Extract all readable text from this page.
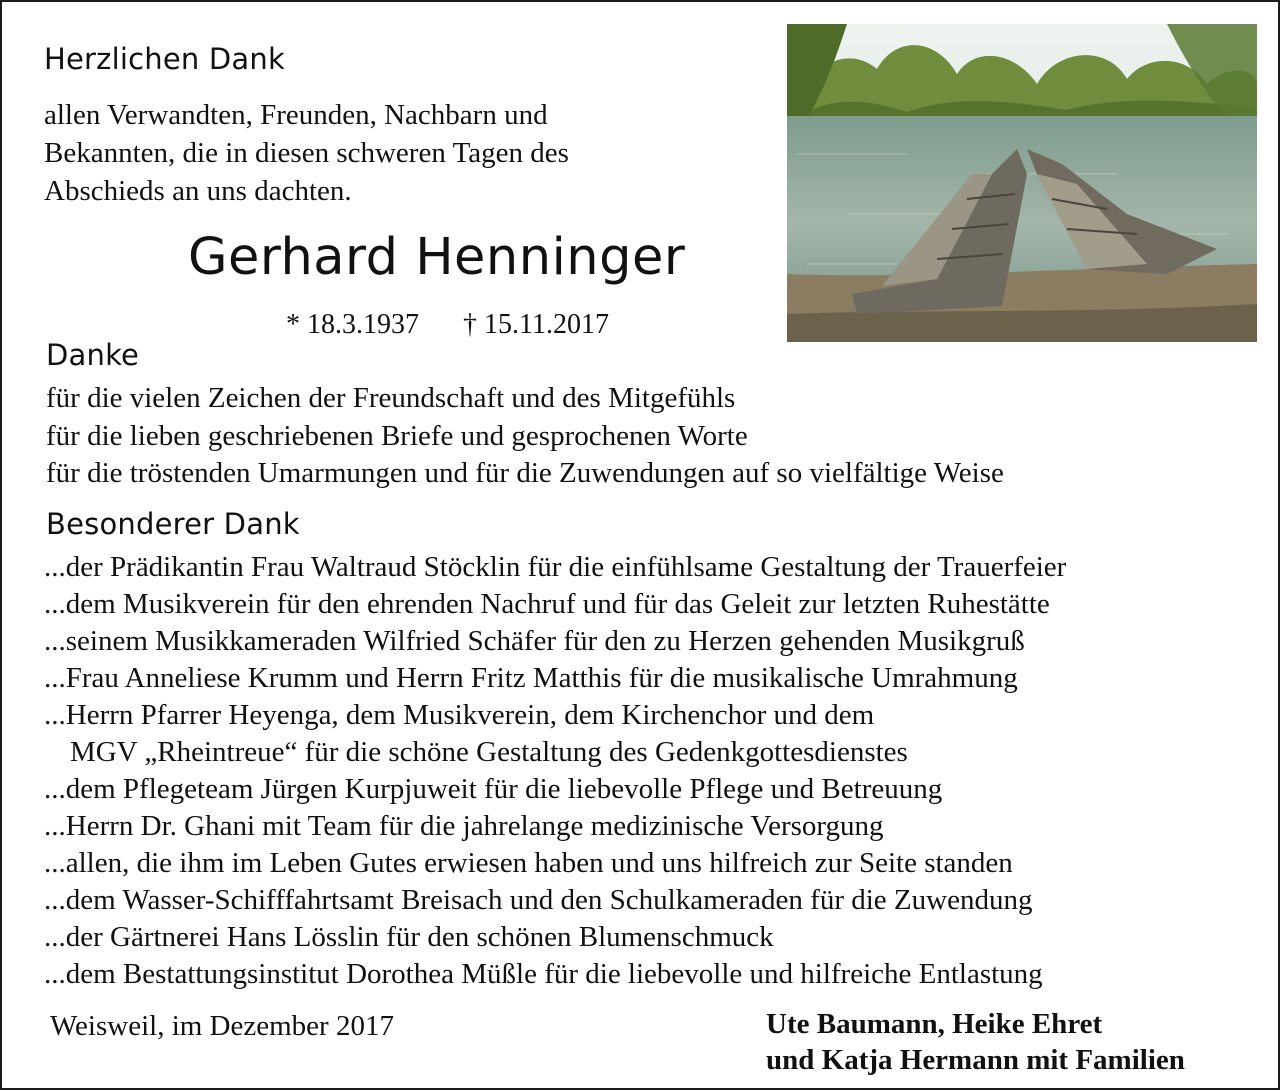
Herzlichen Dank
allen Verwandten, Freunden, Nachbarn und
Bekannten, die in diesen schweren Tagen des
Abschieds an uns dachten.
Gerhard Henninger
* 18.3.1937 † 15.11.2017
Danke
für die vielen Zeichen der Freundschaft und des Mitgefühls
für die lieben geschriebenen Briefe und gesprochenen Worte
für die tröstenden Umarmungen und für die Zuwendungen auf so vielfältige Weise
Besonderer Dank
...der Prädikantin Frau Waltraud Stöcklin für die einfühlsame Gestaltung der Trauerfeier
...dem Musikverein für den ehrenden Nachruf und für das Geleit zur letzten Ruhestätte
...seinem Musikkameraden Wilfried Schäfer für den zu Herzen gehenden Musikgruß
...Frau Anneliese Krumm und Herrn Fritz Matthis für die musikalische Umrahmung
...Herrn Pfarrer Heyenga, dem Musikverein, dem Kirchenchor und dem
MGV „Rheintreue“ für die schöne Gestaltung des Gedenkgottesdienstes
...dem Pflegeteam Jürgen Kurpjuweit für die liebevolle Pflege und Betreuung
...Herrn Dr. Ghani mit Team für die jahrelange medizinische Versorgung
...allen, die ihm im Leben Gutes erwiesen haben und uns hilfreich zur Seite standen
...dem Wasser-Schifffahrtsamt Breisach und den Schulkameraden für die Zuwendung
...der Gärtnerei Hans Lösslin für den schönen Blumenschmuck
...dem Bestattungsinstitut Dorothea Müßle für die liebevolle und hilfreiche Entlastung
Weisweil, im Dezember 2017	Ute Baumann, Heike Ehret
und Katja Hermann mit Familien
